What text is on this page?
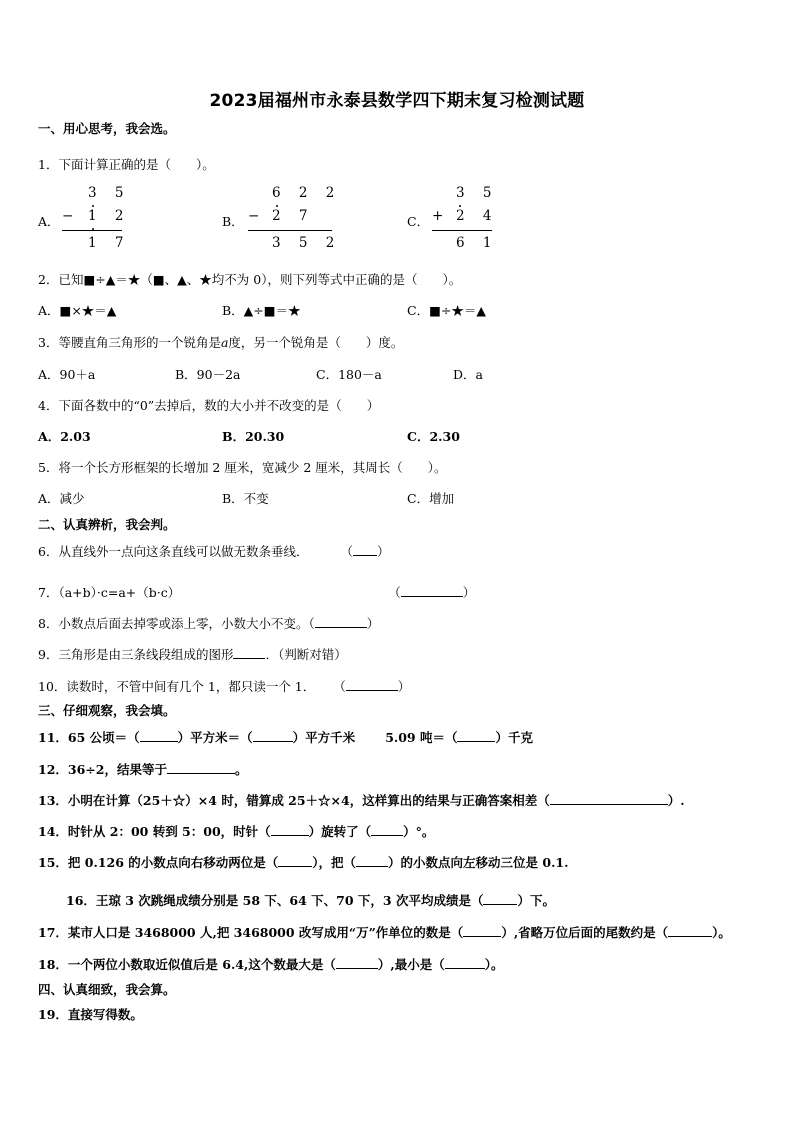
2023届福州市永泰县数学四下期末复习检测试题
一、用心思考，我会选。
1．下面计算正确的是（　　）。
A．
3 5
− 1 2
1 7
B．
6 2 2
− 2 7
3 5 2
C．
3 5
+ 2 4
6 1
2．已知■÷▲＝★（■、▲、★均不为 0），则下列等式中正确的是（　　）。
A．■×★＝▲	B．▲÷■＝★	C．■÷★＝▲
3．等腰直角三角形的一个锐角是a度，另一个锐角是（　　）度。
A．90＋a	B．90－2a	C．180－a	D．a
4．下面各数中的“0”去掉后，数的大小并不改变的是（　　）
A．2.03	B．20.30	C．2.30
5．将一个长方形框架的长增加 2 厘米，宽减少 2 厘米，其周长（　　）。
A．减少	B．不变	C．增加
二、认真辨析，我会判。
6．从直线外一点向这条直线可以做无数条垂线．	（ ）
7．（a+b）·c=a+（b·c）	（	）
8．小数点后面去掉零或添上零，小数大小不变。（	）
9．三角形是由三条线段组成的图形	．（判断对错）
10．读数时，不管中间有几个 1，都只读一个 1． （	）
三、仔细观察，我会填。
11．65 公顷＝（	）平方米＝（	）平方千米 5.09 吨＝（	）千克
12．36÷2，结果等于	。
13．小明在计算（25＋☆）×4 时，错算成 25＋☆×4，这样算出的结果与正确答案相差（	）.
14．时针从 2：00 转到 5：00，时针（	）旋转了（	）°。
15．把 0.126 的小数点向右移动两位是（	），把（	）的小数点向左移动三位是 0.1.
16．王琼 3 次跳绳成绩分别是 58 下、64 下、70 下，3 次平均成绩是（	）下。
17．某市人口是 3468000 人,把 3468000 改写成用“万”作单位的数是（	）,省略万位后面的尾数约是（	）。
18．一个两位小数取近似值后是 6.4,这个数最大是（	）,最小是（	）。
四、认真细致，我会算。
19．直接写得数。
